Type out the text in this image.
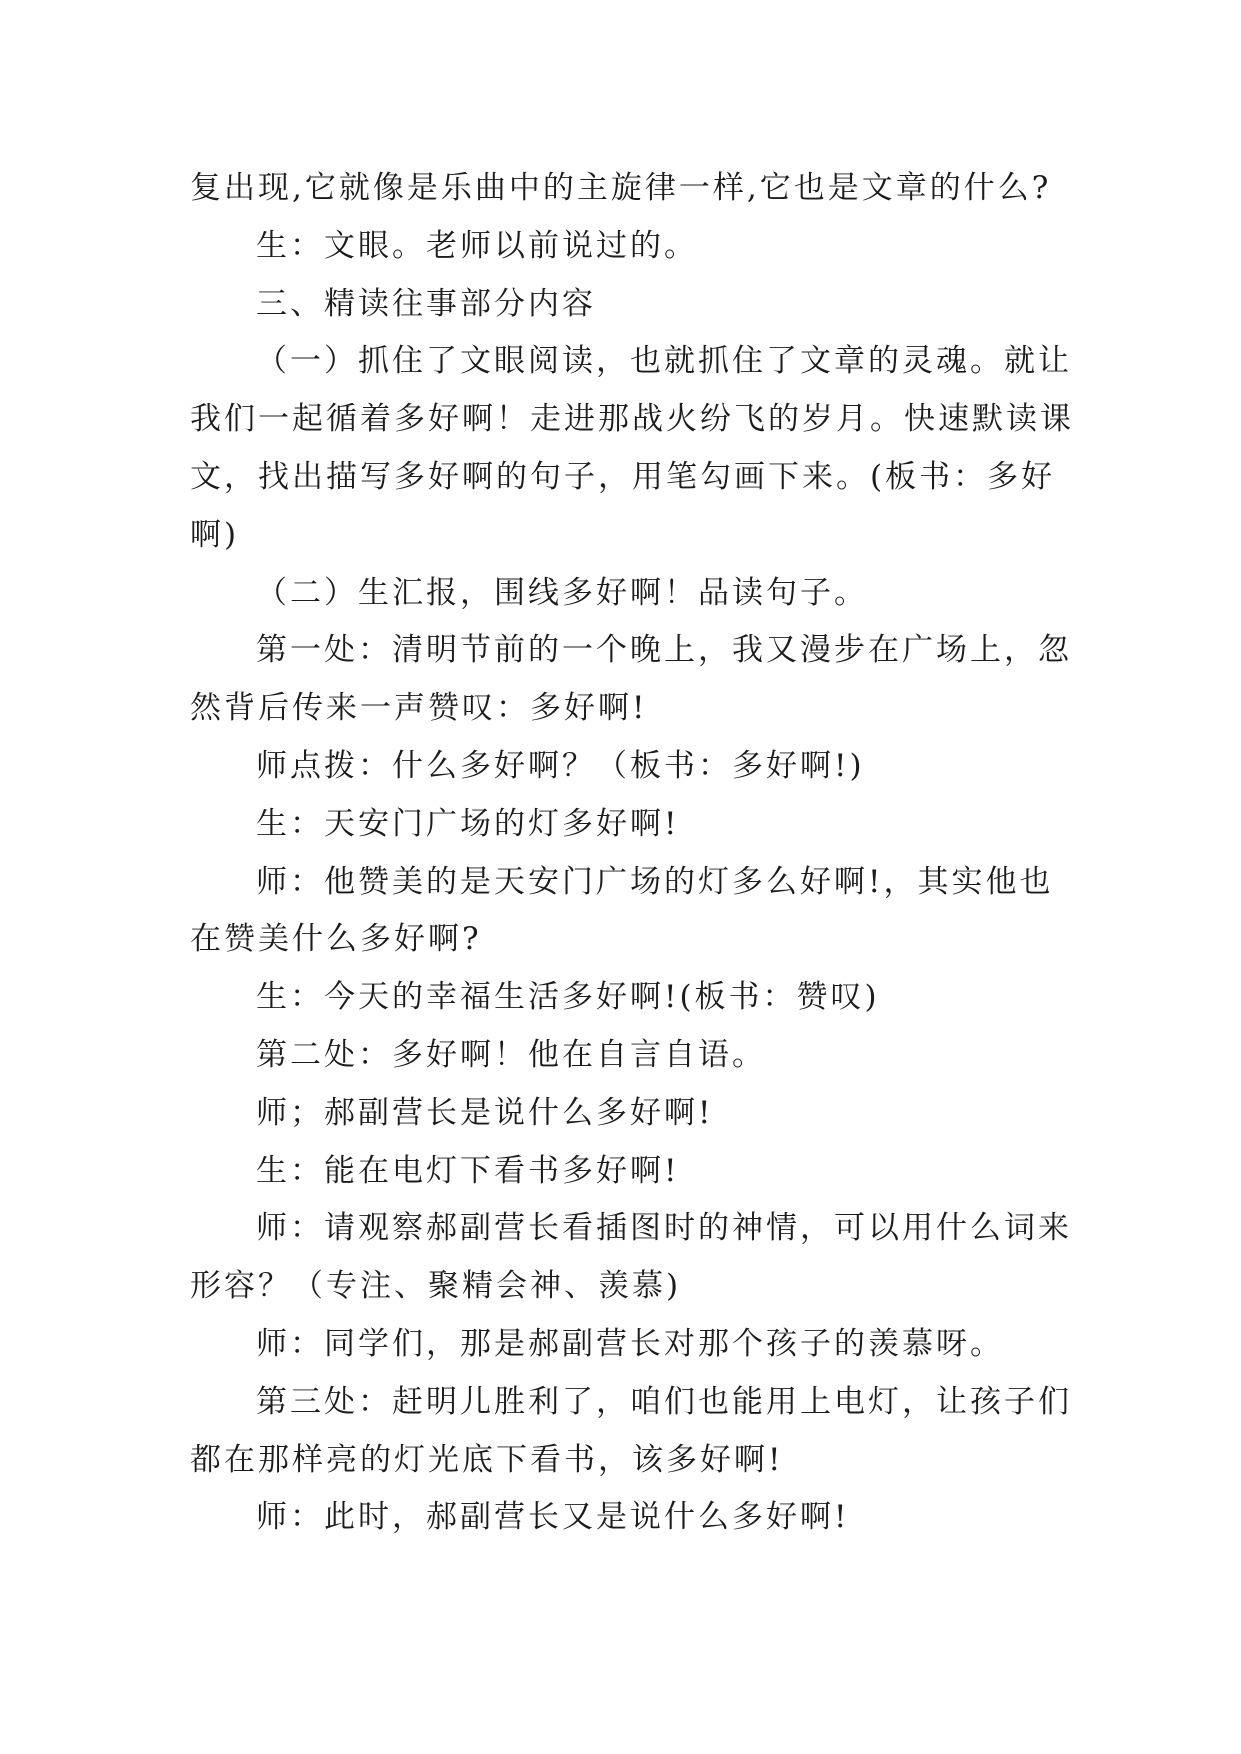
复出现,它就像是乐曲中的主旋律一样,它也是文章的什么?

生：文眼。老师以前说过的。

三、精读往事部分内容

（一）抓住了文眼阅读，也就抓住了文章的灵魂。就让

我们一起循着多好啊！走进那战火纷飞的岁月。快速默读课

文，找出描写多好啊的句子，用笔勾画下来。(板书：多好

啊)

（二）生汇报，围线多好啊！品读句子。

第一处：清明节前的一个晚上，我又漫步在广场上，忽

然背后传来一声赞叹：多好啊!

师点拨：什么多好啊？（板书：多好啊!)

生：天安门广场的灯多好啊!

师：他赞美的是天安门广场的灯多么好啊!，其实他也

在赞美什么多好啊?

生：今天的幸福生活多好啊!(板书：赞叹)

第二处：多好啊！他在自言自语。

师；郝副营长是说什么多好啊!

生：能在电灯下看书多好啊!

师：请观察郝副营长看插图时的神情，可以用什么词来

形容？（专注、聚精会神、羡慕)

师：同学们，那是郝副营长对那个孩子的羡慕呀。

第三处：赶明儿胜利了，咱们也能用上电灯，让孩子们

都在那样亮的灯光底下看书，该多好啊!

师：此时，郝副营长又是说什么多好啊!
